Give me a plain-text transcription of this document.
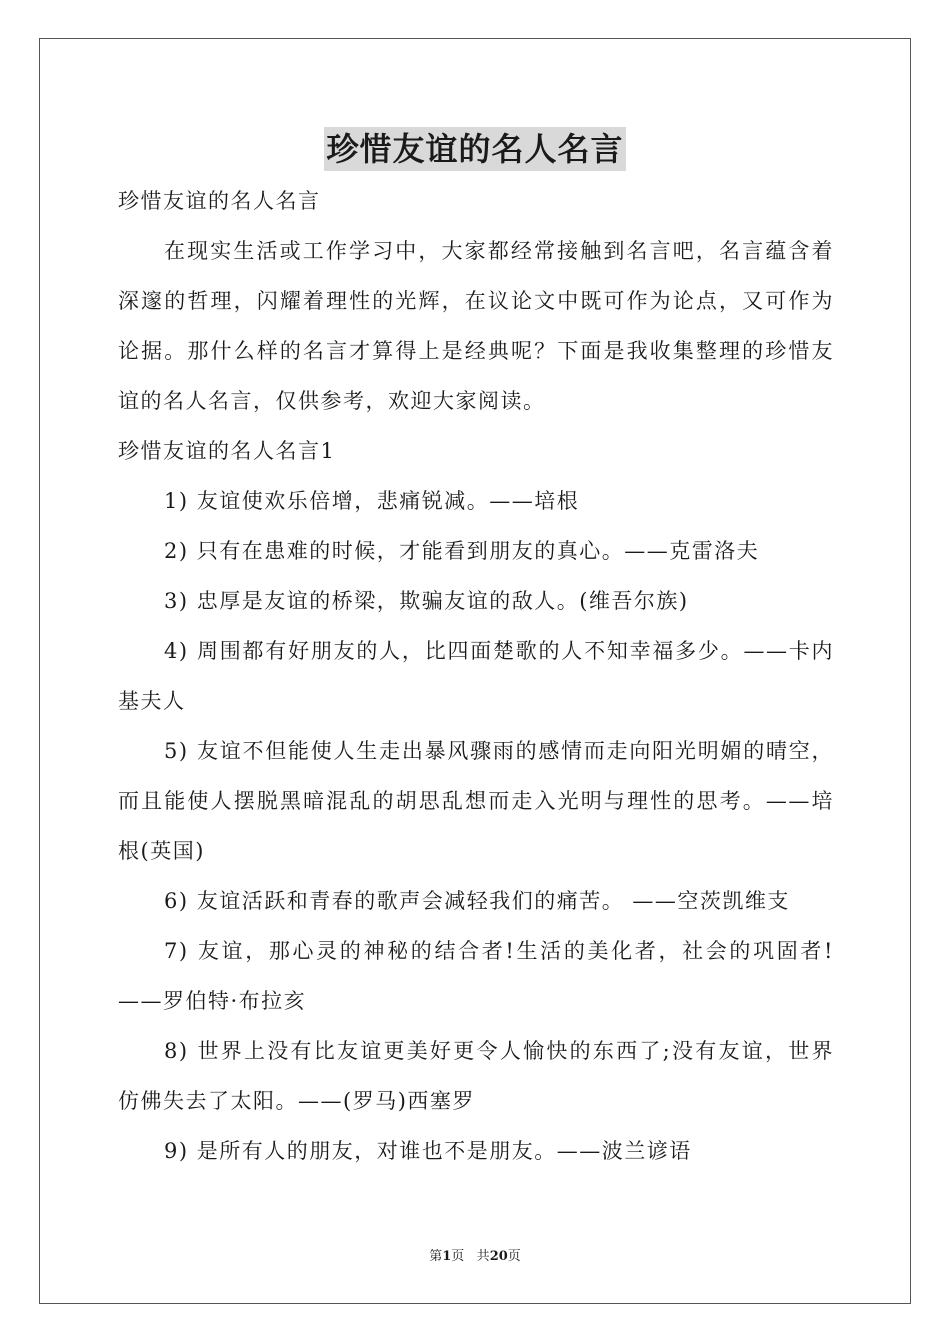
珍惜友谊的名人名言

珍惜友谊的名人名言

在现实生活或工作学习中，大家都经常接触到名言吧，名言蕴含着深邃的哲理，闪耀着理性的光辉，在议论文中既可作为论点，又可作为论据。那什么样的名言才算得上是经典呢？下面是我收集整理的珍惜友谊的名人名言，仅供参考，欢迎大家阅读。

珍惜友谊的名人名言1

1) 友谊使欢乐倍增，悲痛锐减。——培根

2) 只有在患难的时候，才能看到朋友的真心。——克雷洛夫

3) 忠厚是友谊的桥梁，欺骗友谊的敌人。(维吾尔族)

4) 周围都有好朋友的人，比四面楚歌的人不知幸福多少。——卡内基夫人

5) 友谊不但能使人生走出暴风骤雨的感情而走向阳光明媚的晴空，而且能使人摆脱黑暗混乱的胡思乱想而走入光明与理性的思考。——培根(英国)

6) 友谊活跃和青春的歌声会减轻我们的痛苦。 ——空茨凯维支

7) 友谊，那心灵的神秘的结合者!生活的美化者，社会的巩固者! ——罗伯特·布拉亥

8) 世界上没有比友谊更美好更令人愉快的东西了;没有友谊，世界仿佛失去了太阳。——(罗马)西塞罗

9) 是所有人的朋友，对谁也不是朋友。——波兰谚语

第1页 共20页
